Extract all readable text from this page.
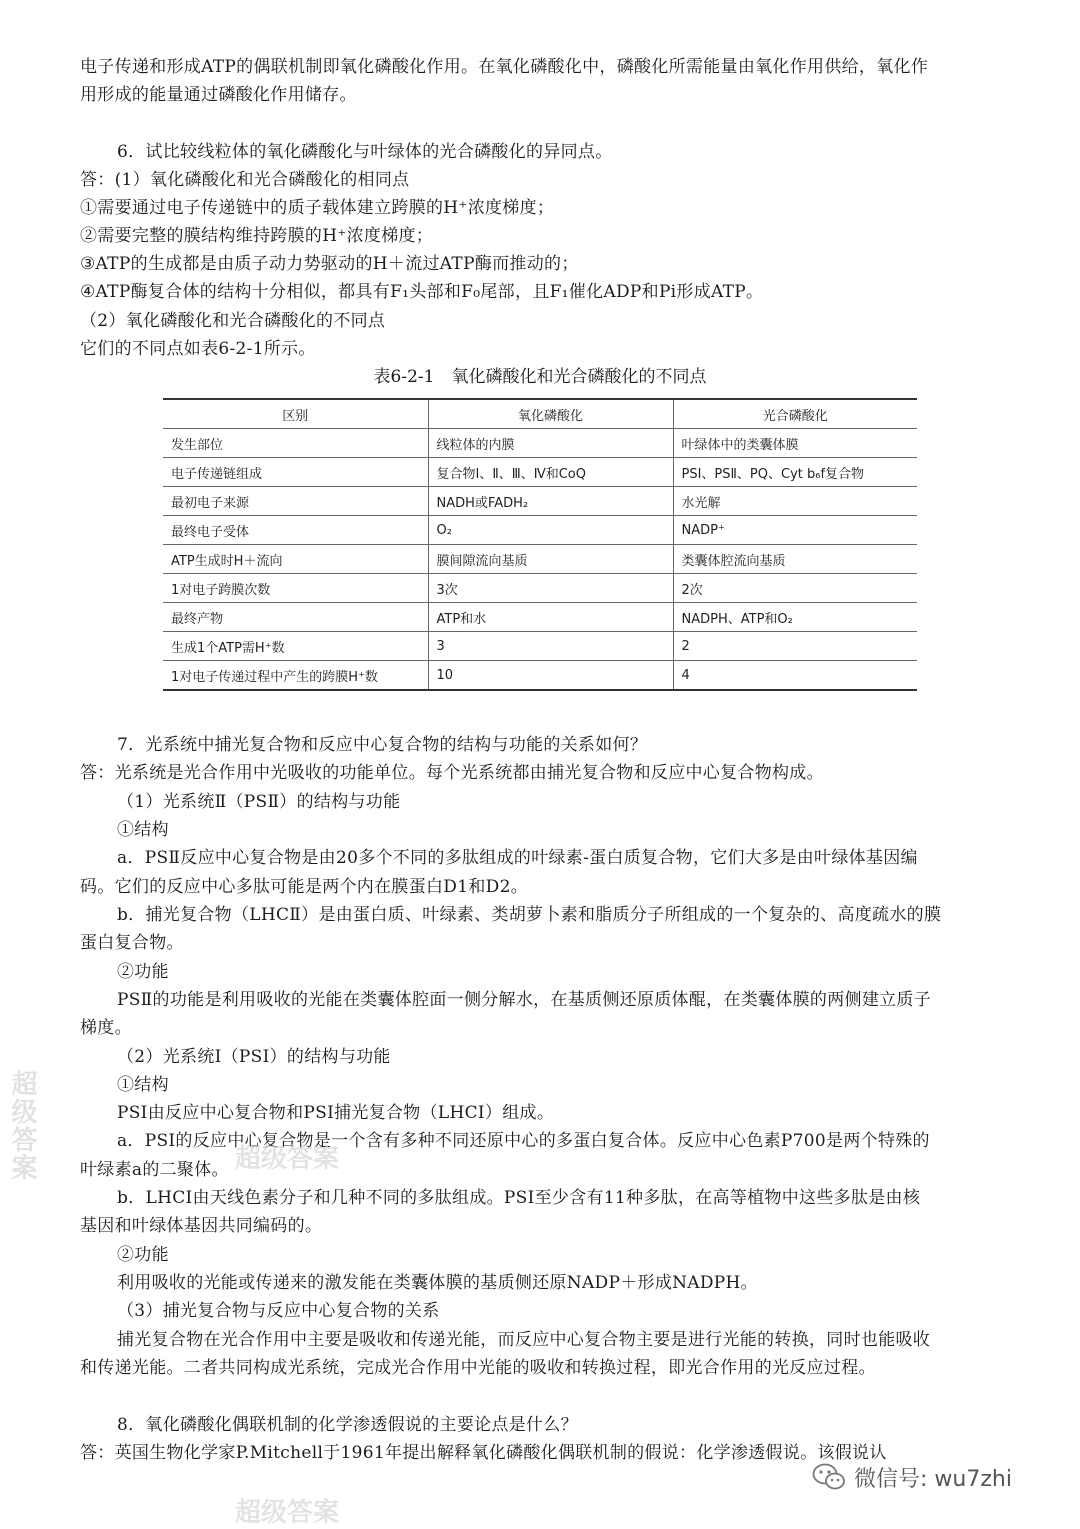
电子传递和形成ATP的偶联机制即氧化磷酸化作用。在氧化磷酸化中，磷酸化所需能量由氧化作用供给，氧化作

用形成的能量通过磷酸化作用储存。

6．试比较线粒体的氧化磷酸化与叶绿体的光合磷酸化的异同点。

答：(1）氧化磷酸化和光合磷酸化的相同点

①需要通过电子传递链中的质子载体建立跨膜的H⁺浓度梯度；

②需要完整的膜结构维持跨膜的H⁺浓度梯度；

③ATP的生成都是由质子动力势驱动的H＋流过ATP酶而推动的；

④ATP酶复合体的结构十分相似，都具有F₁头部和F₀尾部，且F₁催化ADP和Pi形成ATP。

（2）氧化磷酸化和光合磷酸化的不同点

它们的不同点如表6-2-1所示。

表6-2-1　氧化磷酸化和光合磷酸化的不同点

区别	氧化磷酸化	光合磷酸化
发生部位	线粒体的内膜	叶绿体中的类囊体膜
电子传递链组成	复合物Ⅰ、Ⅱ、Ⅲ、Ⅳ和CoQ	PSⅠ、PSⅡ、PQ、Cyt b₆f复合物
最初电子来源	NADH或FADH₂	水光解
最终电子受体	O₂	NADP⁺
ATP生成时H＋流向	膜间隙流向基质	类囊体腔流向基质
1对电子跨膜次数	3次	2次
最终产物	ATP和水	NADPH、ATP和O₂
生成1个ATP需H⁺数	3	2
1对电子传递过程中产生的跨膜H⁺数	10	4

7．光系统中捕光复合物和反应中心复合物的结构与功能的关系如何？

答：光系统是光合作用中光吸收的功能单位。每个光系统都由捕光复合物和反应中心复合物构成。

（1）光系统Ⅱ（PSⅡ）的结构与功能

①结构

a．PSⅡ反应中心复合物是由20多个不同的多肽组成的叶绿素-蛋白质复合物，它们大多是由叶绿体基因编

码。它们的反应中心多肽可能是两个内在膜蛋白D1和D2。

b．捕光复合物（LHCⅡ）是由蛋白质、叶绿素、类胡萝卜素和脂质分子所组成的一个复杂的、高度疏水的膜

蛋白复合物。

②功能

PSⅡ的功能是利用吸收的光能在类囊体腔面一侧分解水，在基质侧还原质体醌，在类囊体膜的两侧建立质子

梯度。

（2）光系统Ⅰ（PSⅠ）的结构与功能

①结构

PSⅠ由反应中心复合物和PSⅠ捕光复合物（LHCⅠ）组成。

a．PSⅠ的反应中心复合物是一个含有多种不同还原中心的多蛋白复合体。反应中心色素P700是两个特殊的

叶绿素a的二聚体。

b．LHCⅠ由天线色素分子和几种不同的多肽组成。PSⅠ至少含有11种多肽，在高等植物中这些多肽是由核

基因和叶绿体基因共同编码的。

②功能

利用吸收的光能或传递来的激发能在类囊体膜的基质侧还原NADP＋形成NADPH。

（3）捕光复合物与反应中心复合物的关系

捕光复合物在光合作用中主要是吸收和传递光能，而反应中心复合物主要是进行光能的转换，同时也能吸收

和传递光能。二者共同构成光系统，完成光合作用中光能的吸收和转换过程，即光合作用的光反应过程。

8．氧化磷酸化偶联机制的化学渗透假说的主要论点是什么？

答：英国生物化学家P.Mitchell于1961年提出解释氧化磷酸化偶联机制的假说：化学渗透假说。该假说认

超级答案
超级答案
超级答案
微信号: wu7zhi
